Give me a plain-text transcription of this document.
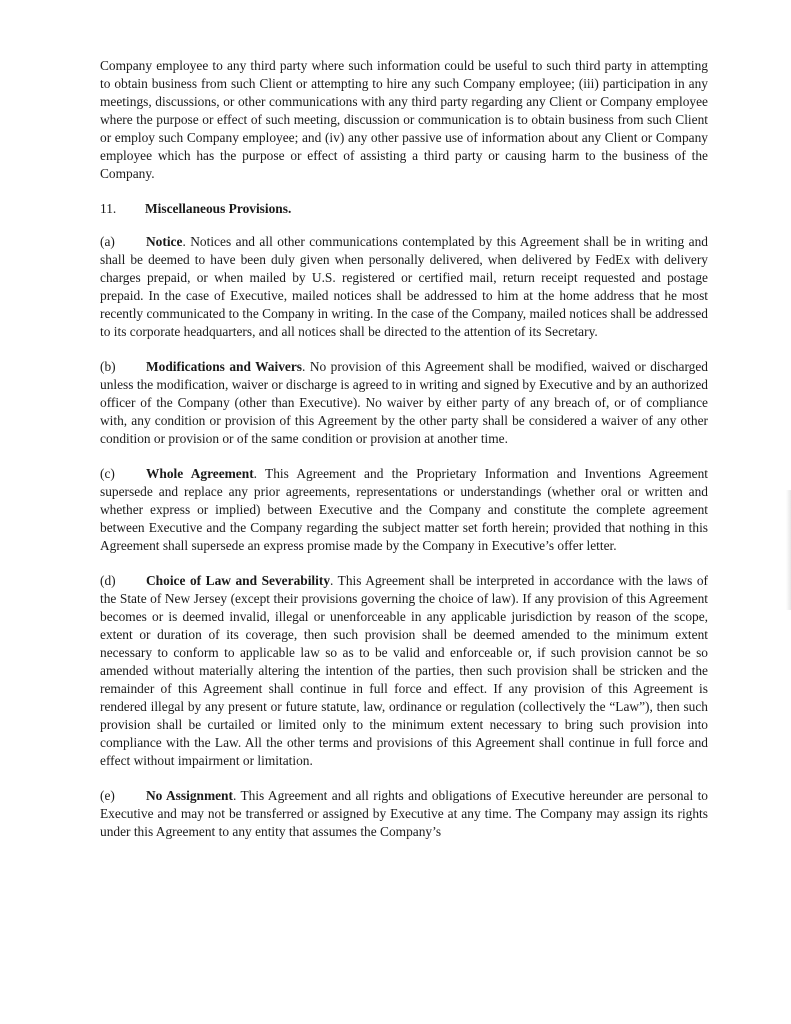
Company employee to any third party where such information could be useful to such third party in attempting to obtain business from such Client or attempting to hire any such Company employee; (iii) participation in any meetings, discussions, or other communications with any third party regarding any Client or Company employee where the purpose or effect of such meeting, discussion or communication is to obtain business from such Client or employ such Company employee; and (iv) any other passive use of information about any Client or Company employee which has the purpose or effect of assisting a third party or causing harm to the business of the Company.

11. Miscellaneous Provisions.

(a) Notice. Notices and all other communications contemplated by this Agreement shall be in writing and shall be deemed to have been duly given when personally delivered, when delivered by FedEx with delivery charges prepaid, or when mailed by U.S. registered or certified mail, return receipt requested and postage prepaid. In the case of Executive, mailed notices shall be addressed to him at the home address that he most recently communicated to the Company in writing. In the case of the Company, mailed notices shall be addressed to its corporate headquarters, and all notices shall be directed to the attention of its Secretary.

(b) Modifications and Waivers. No provision of this Agreement shall be modified, waived or discharged unless the modification, waiver or discharge is agreed to in writing and signed by Executive and by an authorized officer of the Company (other than Executive). No waiver by either party of any breach of, or of compliance with, any condition or provision of this Agreement by the other party shall be considered a waiver of any other condition or provision or of the same condition or provision at another time.

(c) Whole Agreement. This Agreement and the Proprietary Information and Inventions Agreement supersede and replace any prior agreements, representations or understandings (whether oral or written and whether express or implied) between Executive and the Company and constitute the complete agreement between Executive and the Company regarding the subject matter set forth herein; provided that nothing in this Agreement shall supersede an express promise made by the Company in Executive’s offer letter.

(d) Choice of Law and Severability. This Agreement shall be interpreted in accordance with the laws of the State of New Jersey (except their provisions governing the choice of law). If any provision of this Agreement becomes or is deemed invalid, illegal or unenforceable in any applicable jurisdiction by reason of the scope, extent or duration of its coverage, then such provision shall be deemed amended to the minimum extent necessary to conform to applicable law so as to be valid and enforceable or, if such provision cannot be so amended without materially altering the intention of the parties, then such provision shall be stricken and the remainder of this Agreement shall continue in full force and effect. If any provision of this Agreement is rendered illegal by any present or future statute, law, ordinance or regulation (collectively the “Law”), then such provision shall be curtailed or limited only to the minimum extent necessary to bring such provision into compliance with the Law. All the other terms and provisions of this Agreement shall continue in full force and effect without impairment or limitation.

(e) No Assignment. This Agreement and all rights and obligations of Executive hereunder are personal to Executive and may not be transferred or assigned by Executive at any time. The Company may assign its rights under this Agreement to any entity that assumes the Company’s
